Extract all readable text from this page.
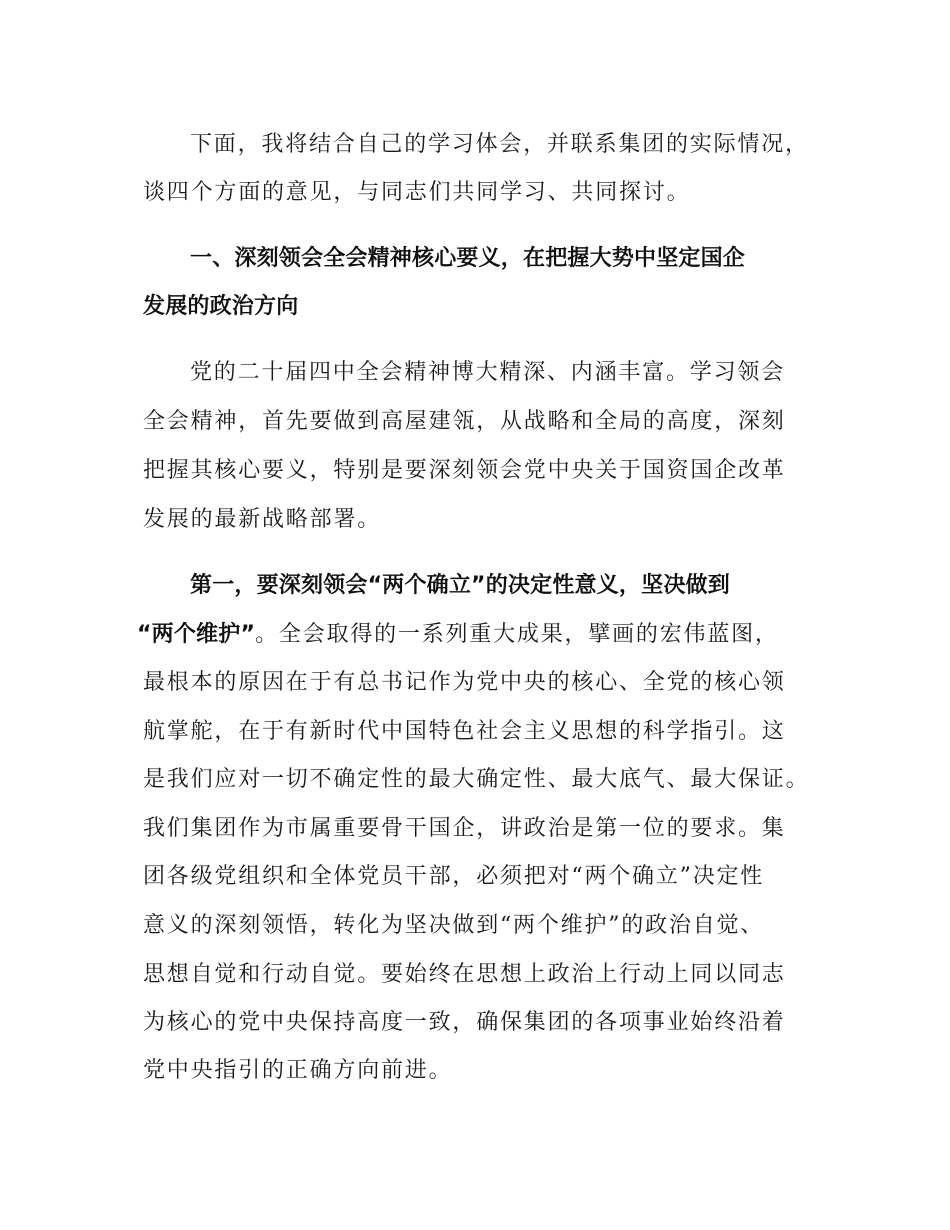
下面，我将结合自己的学习体会，并联系集团的实际情况，
谈四个方面的意见，与同志们共同学习、共同探讨。
一、深刻领会全会精神核心要义，在把握大势中坚定国企
发展的政治方向
党的二十届四中全会精神博大精深、内涵丰富。学习领会
全会精神，首先要做到高屋建瓴，从战略和全局的高度，深刻
把握其核心要义，特别是要深刻领会党中央关于国资国企改革
发展的最新战略部署。
第一，要深刻领会“两个确立”的决定性意义，坚决做到
“两个维护”。全会取得的一系列重大成果，擘画的宏伟蓝图，
最根本的原因在于有总书记作为党中央的核心、全党的核心领
航掌舵，在于有新时代中国特色社会主义思想的科学指引。这
是我们应对一切不确定性的最大确定性、最大底气、最大保证。
我们集团作为市属重要骨干国企，讲政治是第一位的要求。集
团各级党组织和全体党员干部，必须把对“两个确立”决定性
意义的深刻领悟，转化为坚决做到“两个维护”的政治自觉、
思想自觉和行动自觉。要始终在思想上政治上行动上同以同志
为核心的党中央保持高度一致，确保集团的各项事业始终沿着
党中央指引的正确方向前进。
